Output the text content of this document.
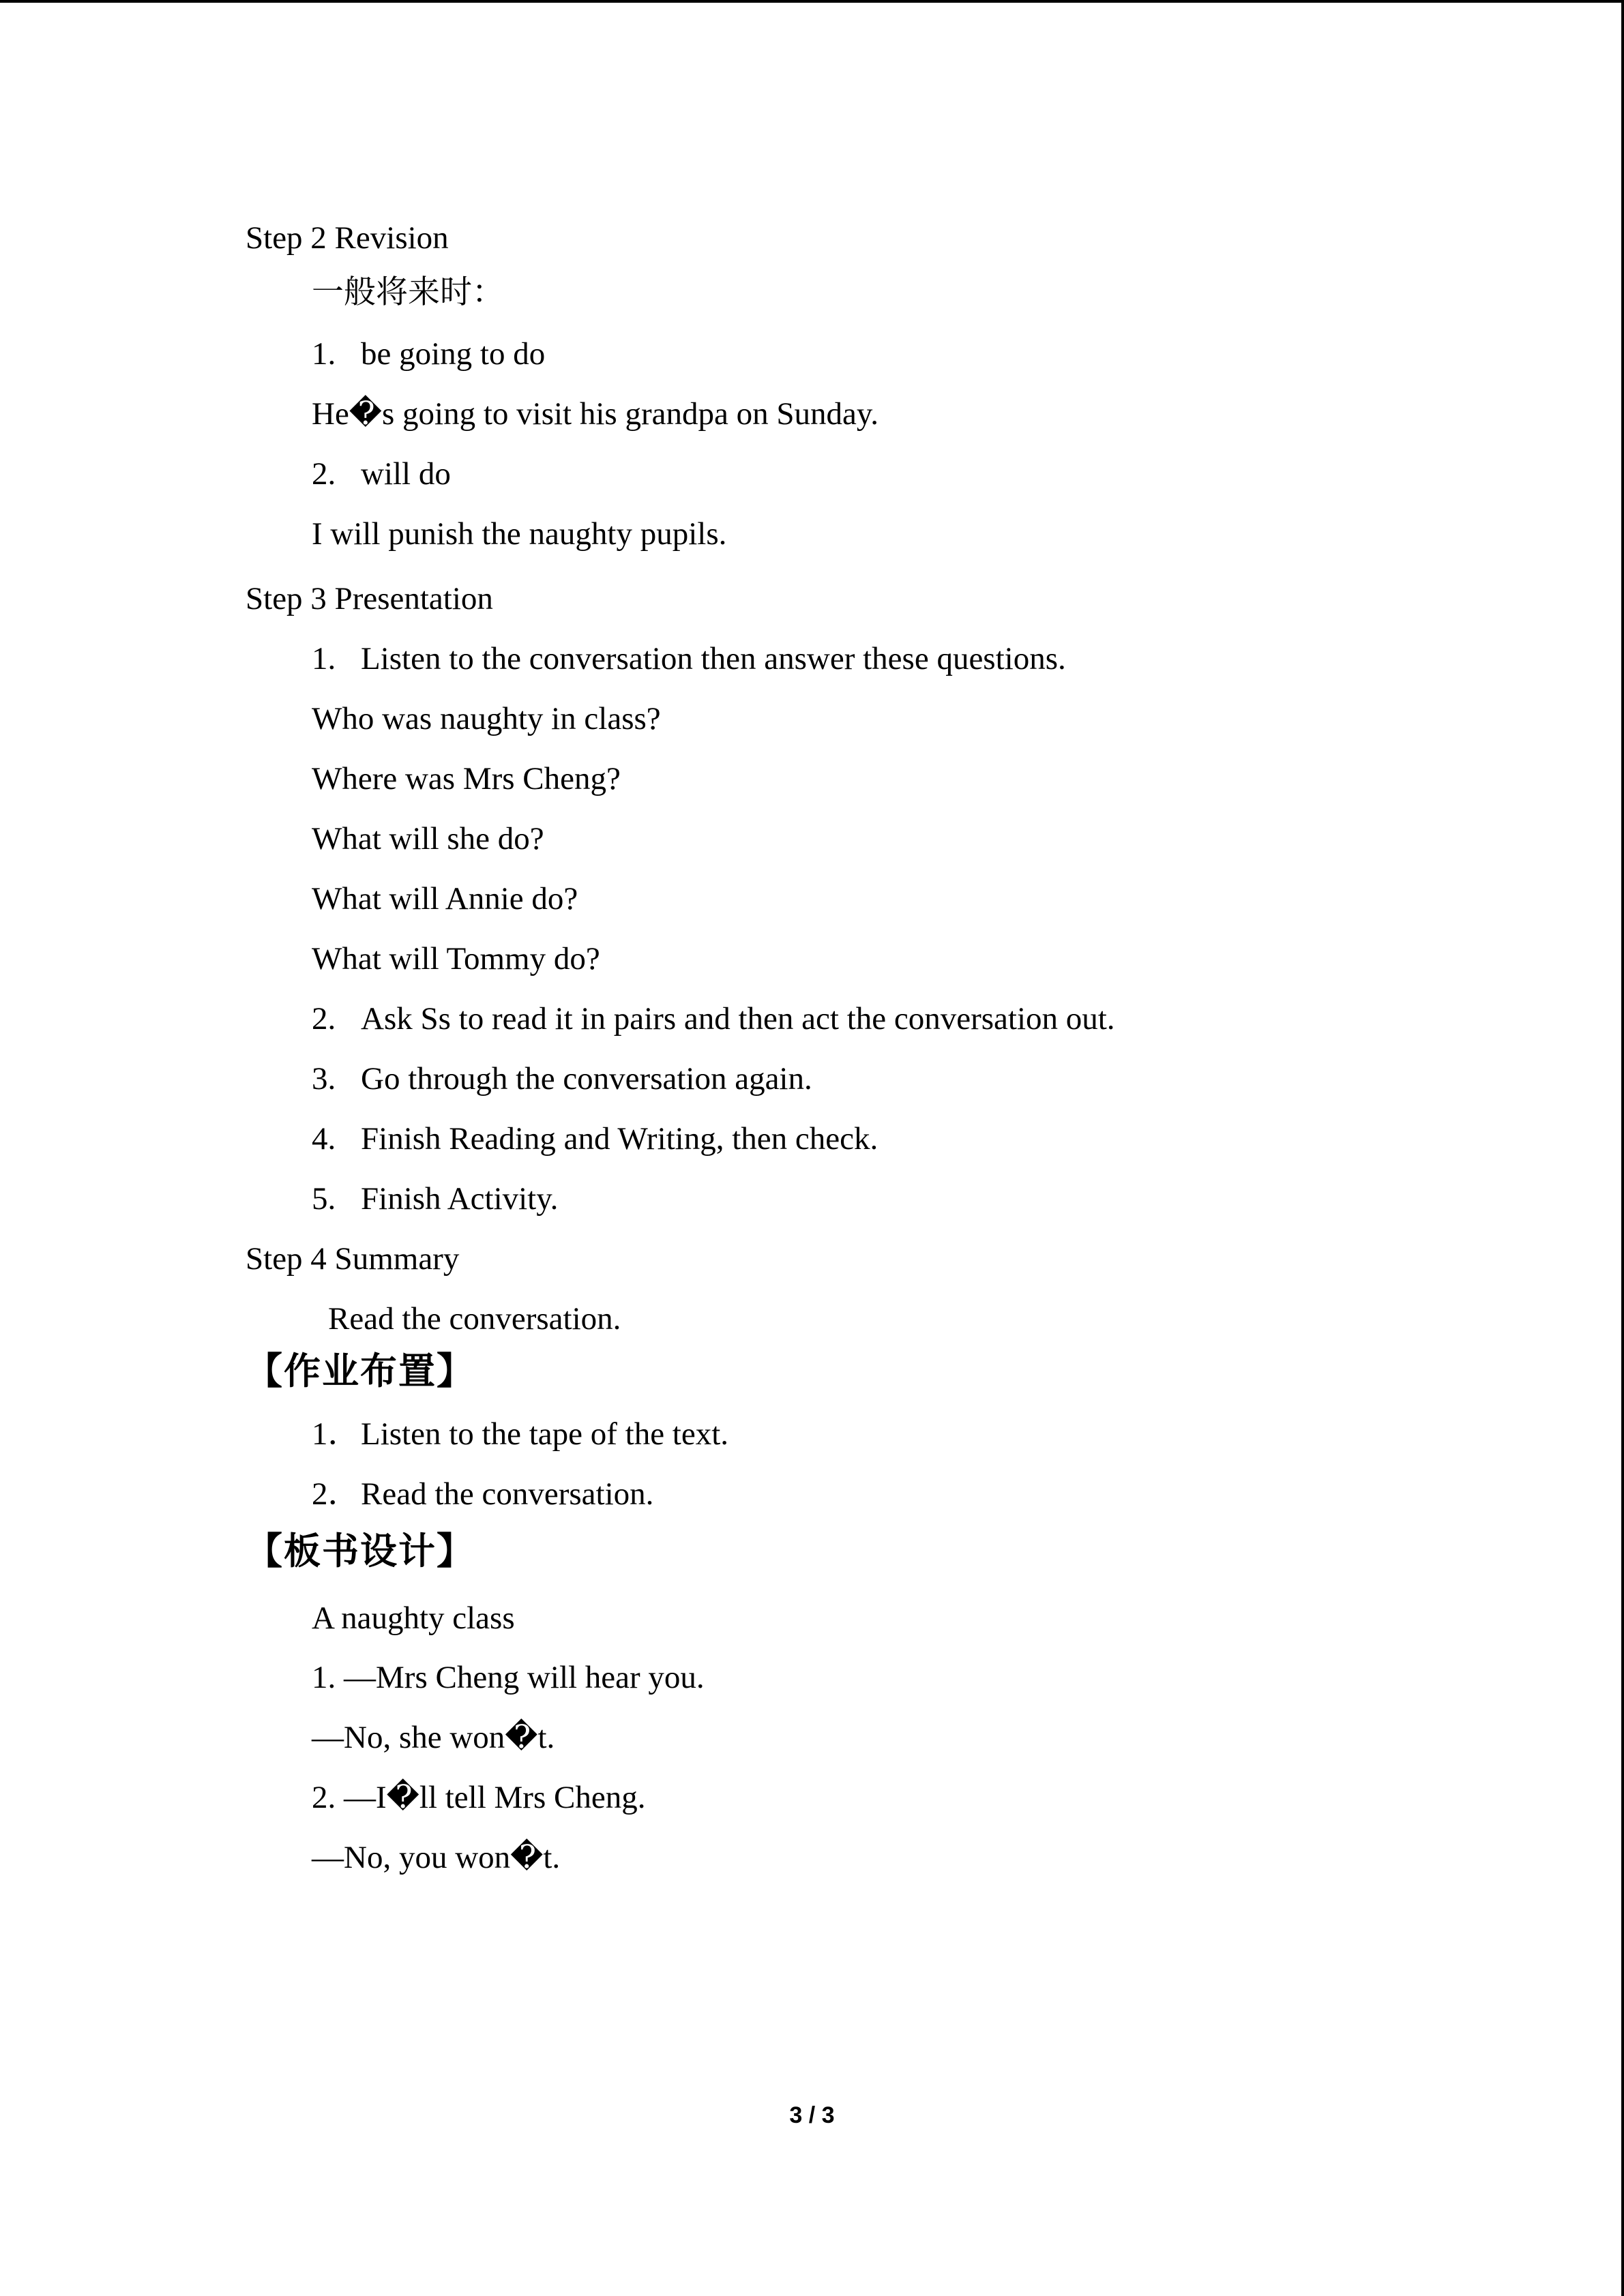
Step 2 Revision
一般将来时：
1. be going to do
He�s going to visit his grandpa on Sunday.
2. will do
I will punish the naughty pupils.
Step 3 Presentation
1. Listen to the conversation then answer these questions.
Who was naughty in class?
Where was Mrs Cheng?
What will she do?
What will Annie do?
What will Tommy do?
2. Ask Ss to read it in pairs and then act the conversation out.
3. Go through the conversation again.
4. Finish Reading and Writing, then check.
5. Finish Activity.
Step 4 Summary
Read the conversation.
【作业布置】
1．Listen to the tape of the text.
2．Read the conversation.
【板书设计】
A naughty class
1. —Mrs Cheng will hear you.
—No, she won�t.
2. —I�ll tell Mrs Cheng.
—No, you won�t.
3 / 3
